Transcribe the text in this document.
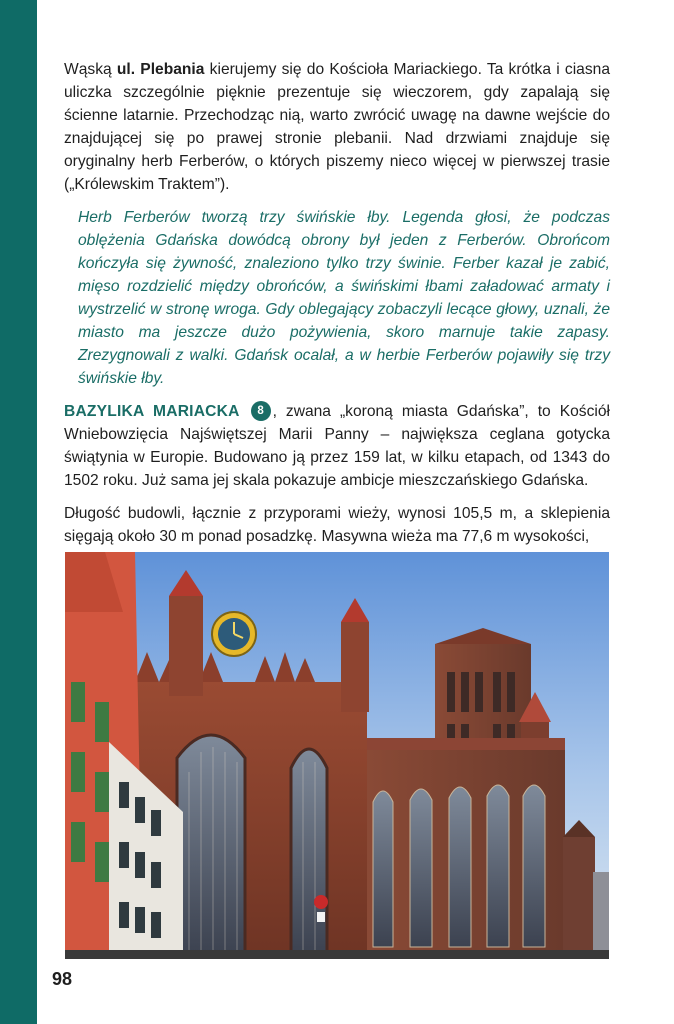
Wąską ul. Plebania kierujemy się do Kościoła Mariackiego. Ta krótka i ciasna uliczka szczególnie pięknie prezentuje się wieczorem, gdy zapalają się ścienne latarnie. Przechodząc nią, warto zwrócić uwagę na dawne wejście do znajdującej się po prawej stronie plebanii. Nad drzwiami znajduje się oryginalny herb Ferberów, o których piszemy nieco więcej w pierwszej trasie („Królewskim Traktem”).

Herb Ferberów tworzą trzy świńskie łby. Legenda głosi, że podczas oblężenia Gdańska dowódcą obrony był jeden z Ferberów. Obrońcom kończyła się żywność, znaleziono tylko trzy świnie. Ferber kazał je zabić, mięso rozdzielić między obrońców, a świńskimi łbami załadować armaty i wystrzelić w stronę wroga. Gdy oblegający zobaczyli lecące głowy, uznali, że miasto ma jeszcze dużo pożywienia, skoro marnuje takie zapasy. Zrezygnowali z walki. Gdańsk ocalał, a w herbie Ferberów pojawiły się trzy świńskie łby.

BAZYLIKA MARIACKA 8 , zwana „koroną miasta Gdańska”, to Kościół Wniebowzięcia Najświętszej Marii Panny – największa ceglana gotycka świątynia w Europie. Budowano ją przez 159 lat, w kilku etapach, od 1343 do 1502 roku. Już sama jej skala pokazuje ambicje mieszczańskiego Gdańska.

Długość budowli, łącznie z przyporami wieży, wynosi 105,5 m, a sklepienia sięgają około 30 m ponad posadzkę. Masywna wieża ma 77,6 m wysokości,

98
